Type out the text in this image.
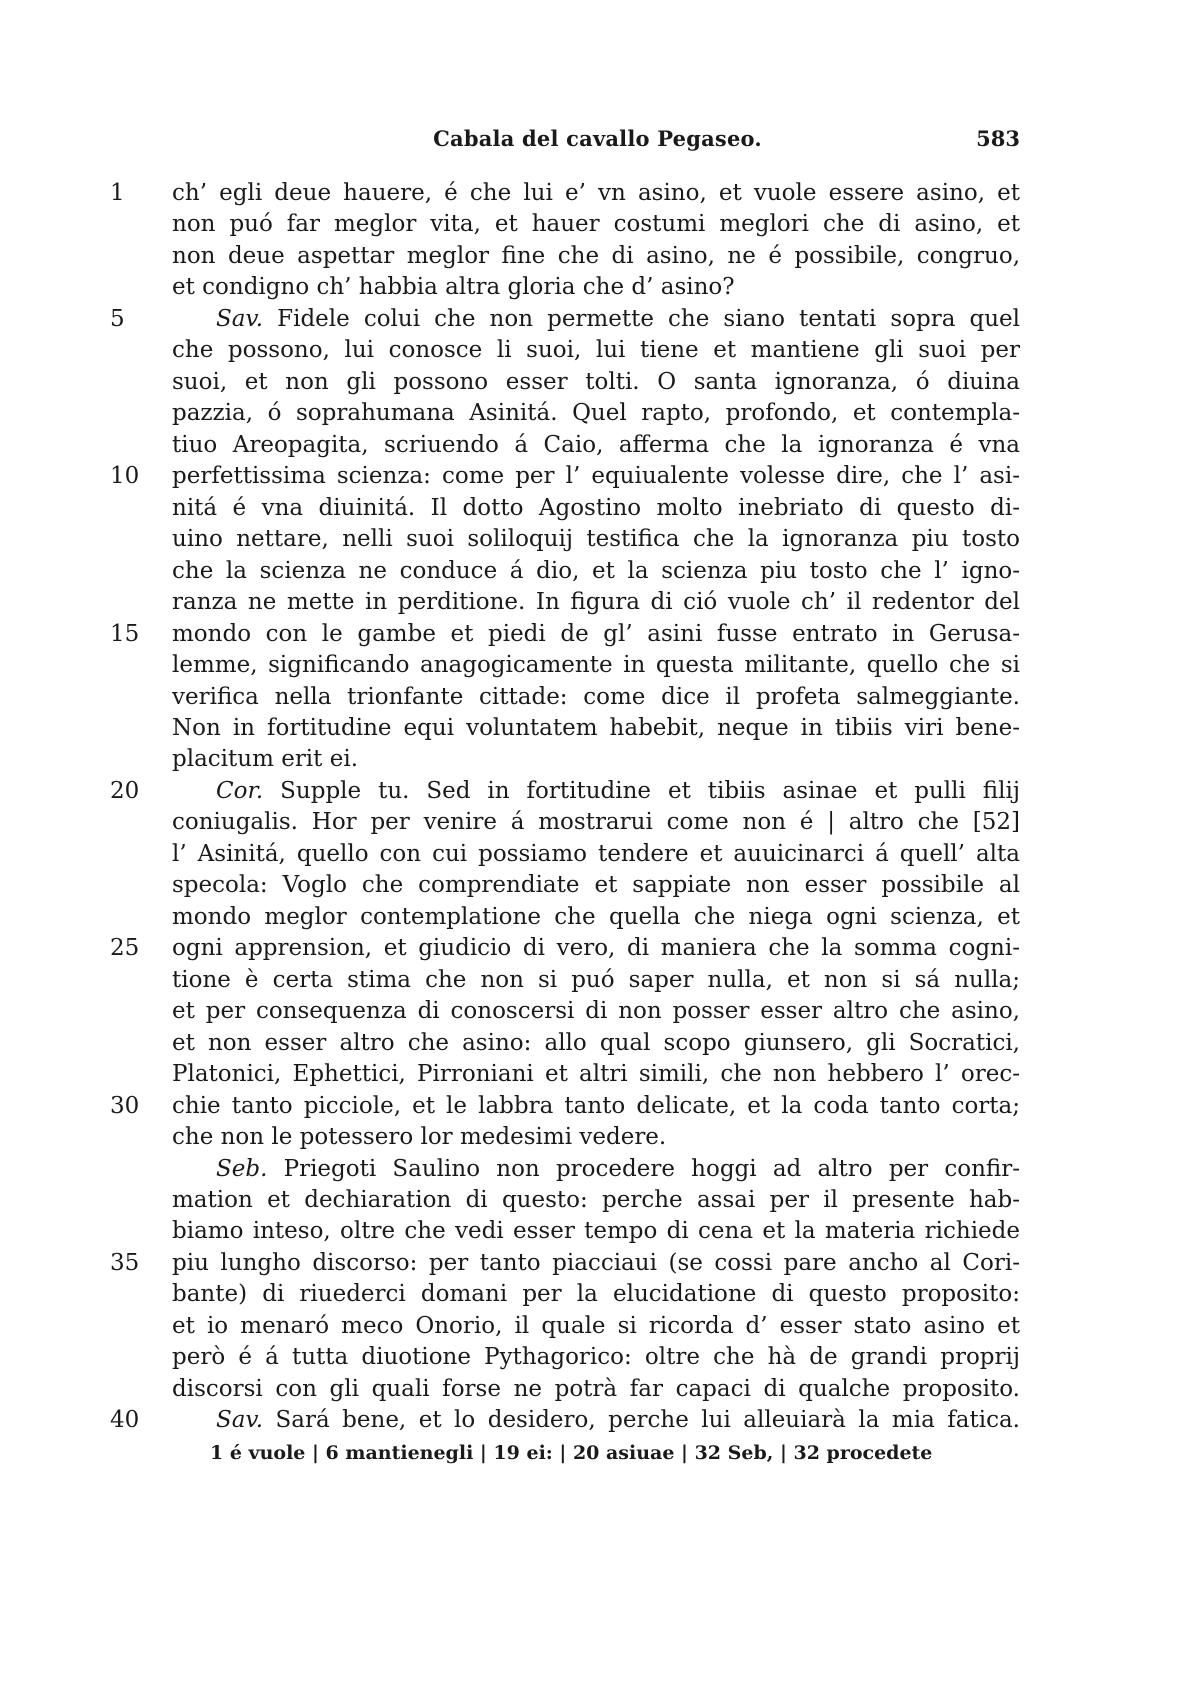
Cabala del cavallo Pegaseo.	583
1	ch’ egli deue hauere, é che lui e’ vn asino, et vuole essere asino, et
non puó far meglor vita, et hauer costumi meglori che di asino, et
non deue aspettar meglor fine che di asino, ne é possibile, congruo,
et condigno ch’ habbia altra gloria che d’ asino?
5	Sav. Fidele colui che non permette che siano tentati sopra quel
che possono, lui conosce li suoi, lui tiene et mantiene gli suoi per
suoi, et non gli possono esser tolti. O santa ignoranza, ó diuina
pazzia, ó soprahumana Asinitá. Quel rapto, profondo, et contempla-
tiuo Areopagita, scriuendo á Caio, afferma che la ignoranza é vna
10	perfettissima scienza: come per l’ equiualente volesse dire, che l’ asi-
nitá é vna diuinitá. Il dotto Agostino molto inebriato di questo di-
uino nettare, nelli suoi soliloquij testifica che la ignoranza piu tosto
che la scienza ne conduce á dio, et la scienza piu tosto che l’ igno-
ranza ne mette in perditione. In figura di ció vuole ch’ il redentor del
15	mondo con le gambe et piedi de gl’ asini fusse entrato in Gerusa-
lemme, significando anagogicamente in questa militante, quello che si
verifica nella trionfante cittade: come dice il profeta salmeggiante.
Non in fortitudine equi voluntatem habebit, neque in tibiis viri bene-
placitum erit ei.
20	Cor. Supple tu. Sed in fortitudine et tibiis asinae et pulli filij
coniugalis. Hor per venire á mostrarui come non é | altro che [52]
l’ Asinitá, quello con cui possiamo tendere et auuicinarci á quell’ alta
specola: Voglo che comprendiate et sappiate non esser possibile al
mondo meglor contemplatione che quella che niega ogni scienza, et
25	ogni apprension, et giudicio di vero, di maniera che la somma cogni-
tione è certa stima che non si puó saper nulla, et non si sá nulla;
et per consequenza di conoscersi di non posser esser altro che asino,
et non esser altro che asino: allo qual scopo giunsero, gli Socratici,
Platonici, Ephettici, Pirroniani et altri simili, che non hebbero l’ orec-
30	chie tanto picciole, et le labbra tanto delicate, et la coda tanto corta;
che non le potessero lor medesimi vedere.
Seb. Priegoti Saulino non procedere hoggi ad altro per confir-
mation et dechiaration di questo: perche assai per il presente hab-
biamo inteso, oltre che vedi esser tempo di cena et la materia richiede
35	piu lungho discorso: per tanto piacciaui (se cossi pare ancho al Cori-
bante) di riuederci domani per la elucidatione di questo proposito:
et io menaró meco Onorio, il quale si ricorda d’ esser stato asino et
però é á tutta diuotione Pythagorico: oltre che hà de grandi proprij
discorsi con gli quali forse ne potrà far capaci di qualche proposito.
40	Sav. Sará bene, et lo desidero, perche lui alleuiarà la mia fatica.
1 é vuole | 6 mantienegli | 19 ei: | 20 asiuae | 32 Seb, | 32 procedete
